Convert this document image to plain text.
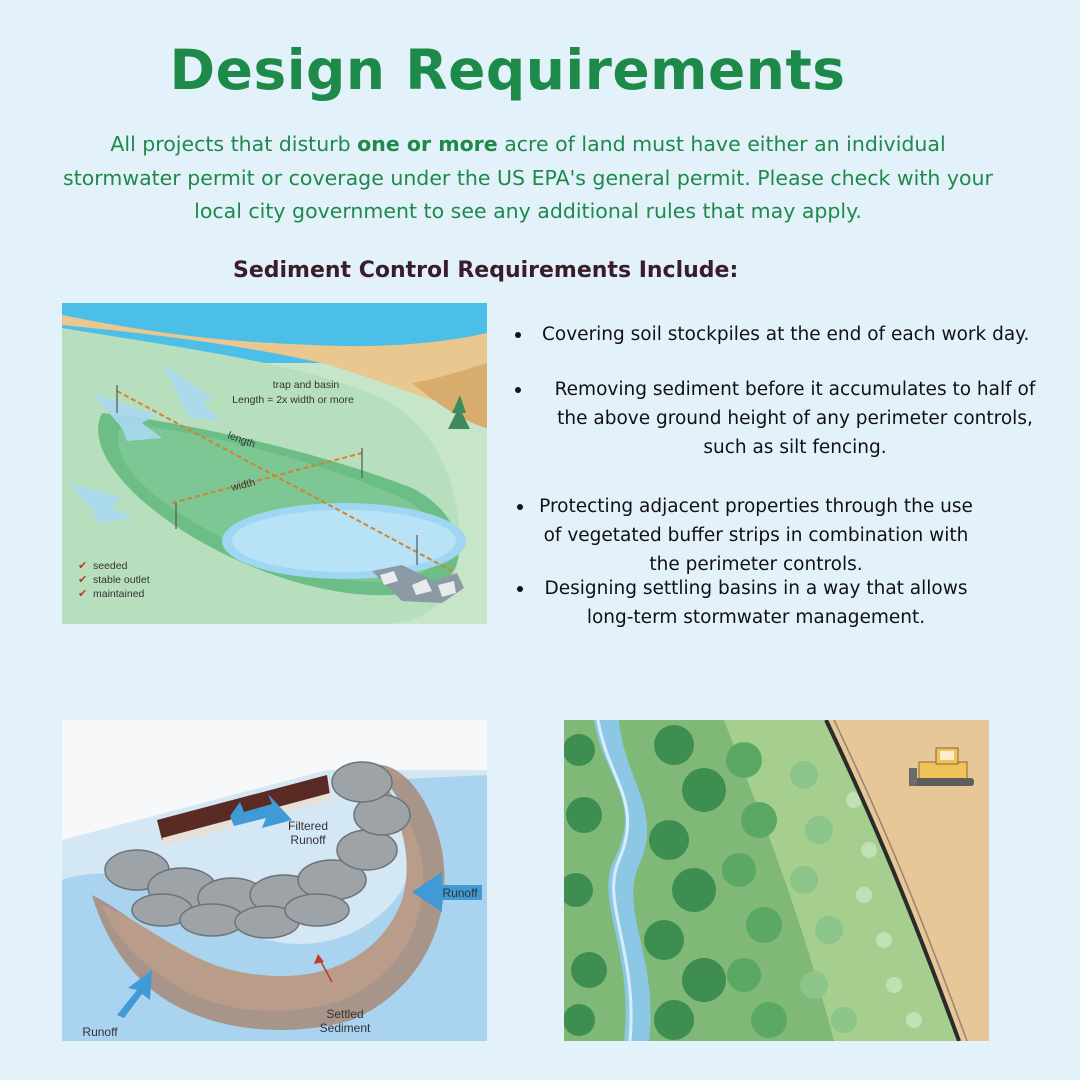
Design Requirements

All projects that disturb one or more acre of land must have either an individual stormwater permit or coverage under the US EPA's general permit. Please check with your local city government to see any additional rules that may apply.

Sediment Control Requirements Include:
Covering soil stockpiles at the end of each work day.
Removing sediment before it accumulates to half of the above ground height of any perimeter controls, such as silt fencing.
Protecting adjacent properties through the use of vegetated buffer strips in combination with the perimeter controls.
Designing settling basins in a way that allows long-term stormwater management.
trap and basin
Length = 2x width or more
length
width
✔ seeded
✔ stable outlet
✔ maintained
Filtered
Runoff
Runoff
Runoff
Settled
Sediment
